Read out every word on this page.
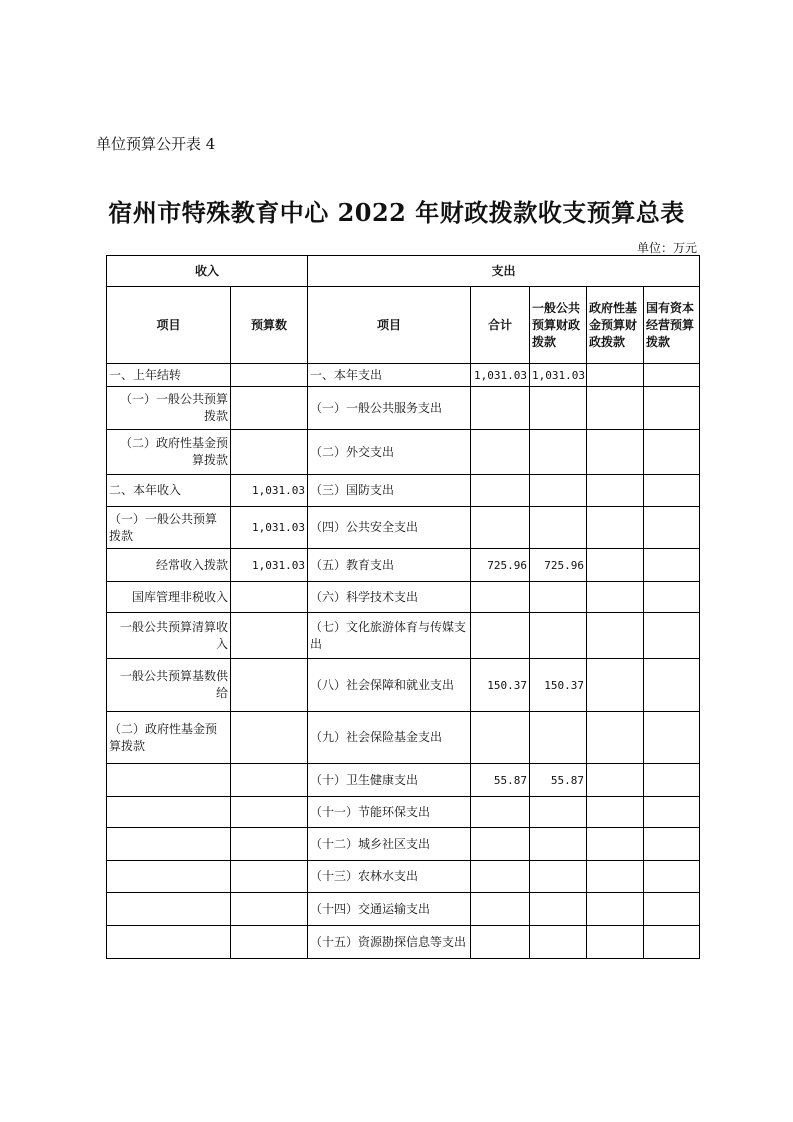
单位预算公开表 4
宿州市特殊教育中心 2022 年财政拨款收支预算总表
单位：万元
收入		支出				
项目	预算数	项目	合计	一般公共预算财政拨款	政府性基金预算财政拨款	国有资本经营预算拨款
一、上年结转		一、本年支出	1,031.03	1,031.03		
（一）一般公共预算拨款		（一）一般公共服务支出				
（二）政府性基金预算拨款		（二）外交支出				
二、本年收入	1,031.03	（三）国防支出				
（一）一般公共预算拨款	1,031.03	（四）公共安全支出				
经常收入拨款	1,031.03	（五）教育支出	725.96	725.96		
国库管理非税收入		（六）科学技术支出				
一般公共预算清算收入		（七）文化旅游体育与传媒支出				
一般公共预算基数供给		（八）社会保障和就业支出	150.37	150.37		
（二）政府性基金预算拨款		（九）社会保险基金支出				
		（十）卫生健康支出	55.87	55.87		
		（十一）节能环保支出				
		（十二）城乡社区支出				
		（十三）农林水支出				
		（十四）交通运输支出				
		（十五）资源勘探信息等支出				
